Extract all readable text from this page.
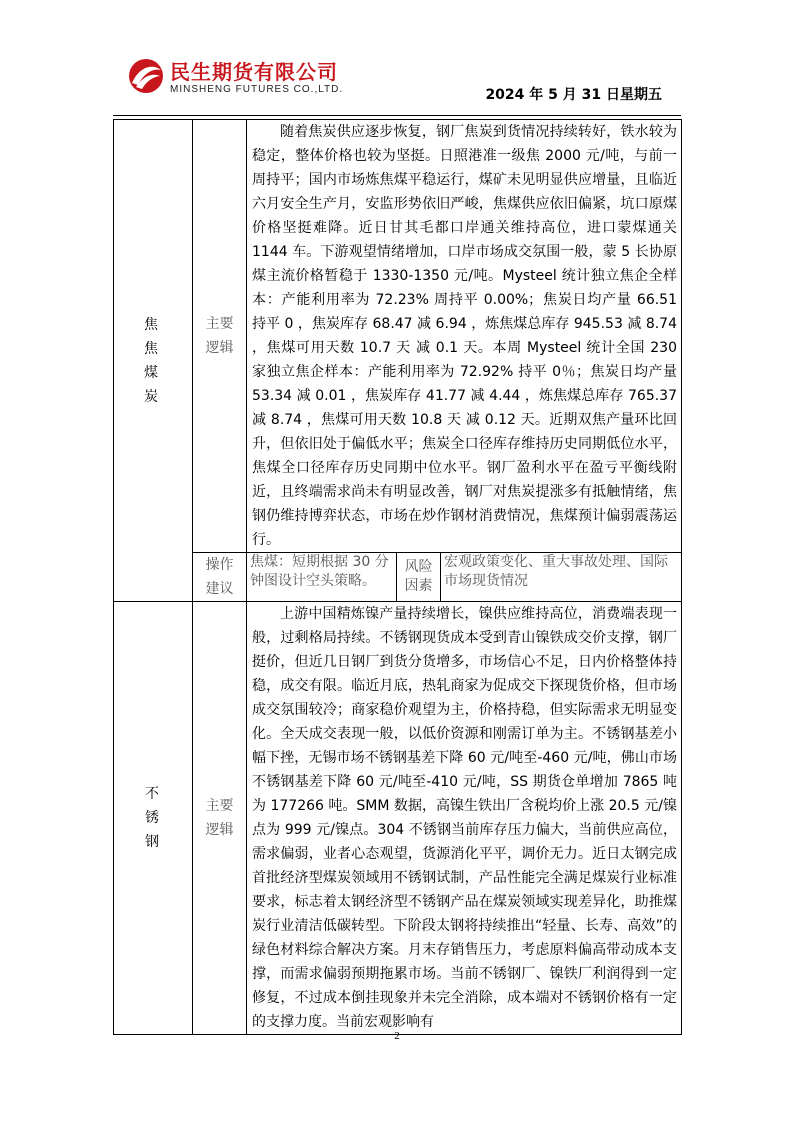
民生期货有限公司
MINSHENG FUTURES CO.,LTD.	2024 年 5 月 31 日星期五
焦 焦 煤 炭	主要逻辑	随着焦炭供应逐步恢复，钢厂焦炭到货情况持续转好，铁水较为稳定，整体价格也较为坚挺。日照港准一级焦 2000 元/吨，与前一周持平；国内市场炼焦煤平稳运行，煤矿未见明显供应增量，且临近六月安全生产月，安监形势依旧严峻，焦煤供应依旧偏紧，坑口原煤价格坚挺难降。近日甘其毛都口岸通关维持高位，进口蒙煤通关 1144 车。下游观望情绪增加，口岸市场成交氛围一般，蒙 5 长协原煤主流价格暂稳于 1330-1350 元/吨。Mysteel 统计独立焦企全样本：产能利用率为 72.23% 周持平 0.00%；焦炭日均产量 66.51 持平 0 ，焦炭库存 68.47 减 6.94 ，炼焦煤总库存 945.53 减 8.74 ，焦煤可用天数 10.7 天 减 0.1 天。本周 Mysteel 统计全国 230 家独立焦企样本：产能利用率为 72.92% 持平 0％；焦炭日均产量 53.34 减 0.01 ，焦炭库存 41.77 减 4.44 ，炼焦煤总库存 765.37 减 8.74 ，焦煤可用天数 10.8 天 减 0.12 天。近期双焦产量环比回升，但依旧处于偏低水平；焦炭全口径库存维持历史同期低位水平，焦煤全口径库存历史同期中位水平。钢厂盈利水平在盈亏平衡线附近，且终端需求尚未有明显改善，钢厂对焦炭提涨多有抵触情绪，焦钢仍维持博弈状态，市场在炒作钢材消费情况，焦煤预计偏弱震荡运行。		

	操作建议	焦煤：短期根据 30 分钟图设计空头策略。	风险因素	宏观政策变化、重大事故处理、国际市场现货情况
不锈钢	主要逻辑	上游中国精炼镍产量持续增长，镍供应维持高位，消费端表现一般，过剩格局持续。不锈钢现货成本受到青山镍铁成交价支撑，钢厂挺价，但近几日钢厂到货分货增多，市场信心不足，日内价格整体持稳，成交有限。临近月底，热轧商家为促成交下探现货价格，但市场成交氛围较冷；商家稳价观望为主，价格持稳，但实际需求无明显变化。全天成交表现一般，以低价资源和刚需订单为主。不锈钢基差小幅下挫，无锡市场不锈钢基差下降 60 元/吨至-460 元/吨，佛山市场不锈钢基差下降 60 元/吨至-410 元/吨，SS 期货仓单增加 7865 吨为 177266 吨。SMM 数据，高镍生铁出厂含税均价上涨 20.5 元/镍点为 999 元/镍点。304 不锈钢当前库存压力偏大，当前供应高位，需求偏弱，业者心态观望，货源消化平平，调价无力。近日太钢完成首批经济型煤炭领域用不锈钢试制，产品性能完全满足煤炭行业标准要求，标志着太钢经济型不锈钢产品在煤炭领域实现差异化，助推煤炭行业清洁低碳转型。下阶段太钢将持续推出“轻量、长寿、高效”的绿色材料综合解决方案。月末存销售压力，考虑原料偏高带动成本支撑，而需求偏弱预期拖累市场。当前不锈钢厂、镍铁厂利润得到一定修复，不过成本倒挂现象并未完全消除，成本端对不锈钢价格有一定的支撑力度。当前宏观影响有		

2
